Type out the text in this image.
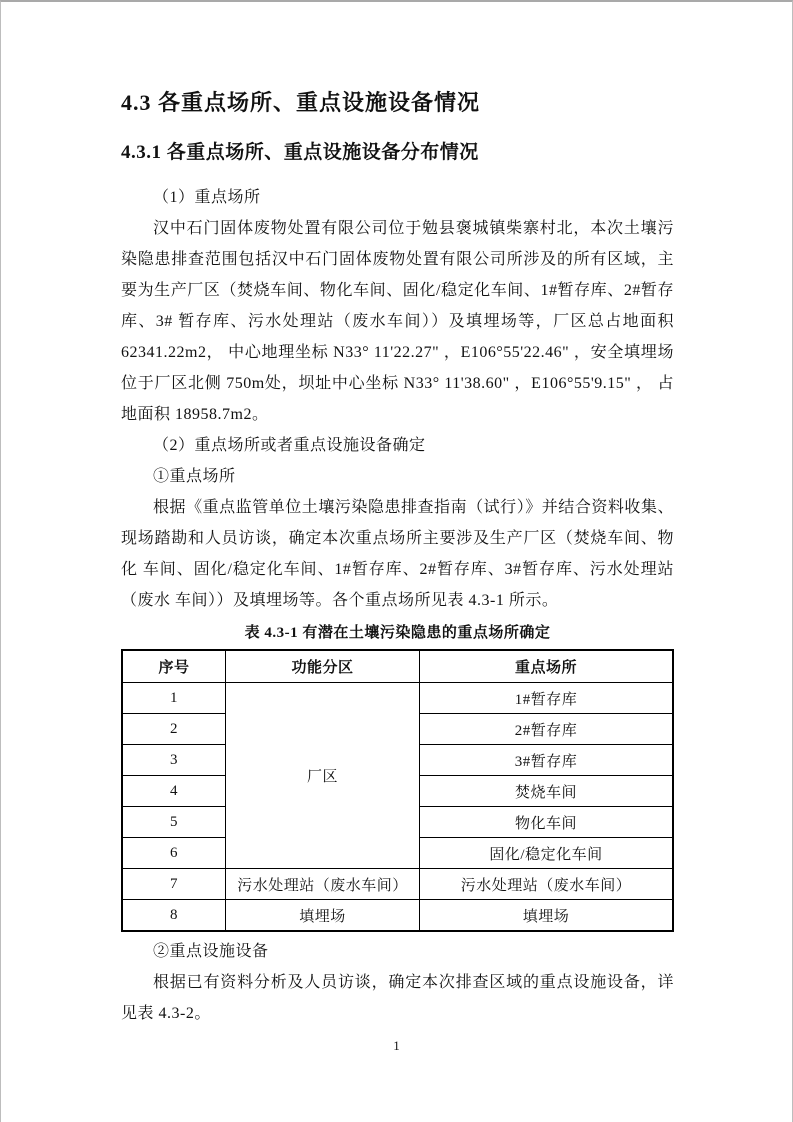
4.3 各重点场所、重点设施设备情况
4.3.1 各重点场所、重点设施设备分布情况

（1）重点场所

汉中石门固体废物处置有限公司位于勉县褒城镇柴寨村北，本次土壤污染隐患排查范围包括汉中石门固体废物处置有限公司所涉及的所有区域，主要为生产厂区（焚烧车间、物化车间、固化/稳定化车间、1#暂存库、2#暂存库、3# 暂存库、污水处理站（废水车间））及填埋场等，厂区总占地面积 62341.22m2， 中心地理坐标 N33° 11'22.27" ，E106°55'22.46" ，安全填埋场位于厂区北侧 750m处，坝址中心坐标 N33° 11'38.60" ，E106°55'9.15" ， 占地面积 18958.7m2。

（2）重点场所或者重点设施设备确定

①重点场所

根据《重点监管单位土壤污染隐患排查指南（试行）》并结合资料收集、 现场踏勘和人员访谈，确定本次重点场所主要涉及生产厂区（焚烧车间、物化 车间、固化/稳定化车间、1#暂存库、2#暂存库、3#暂存库、污水处理站（废水 车间））及填埋场等。各个重点场所见表 4.3-1 所示。

表 4.3-1 有潜在土壤污染隐患的重点场所确定
序号	功能分区	重点场所
1	厂区	1#暂存库
2		2#暂存库
3		3#暂存库
4		焚烧车间
5		物化车间
6		固化/稳定化车间
7	污水处理站（废水车间）	污水处理站（废水车间）
8	填埋场	填埋场

②重点设施设备

根据已有资料分析及人员访谈，确定本次排查区域的重点设施设备，详见表 4.3-2。

1
